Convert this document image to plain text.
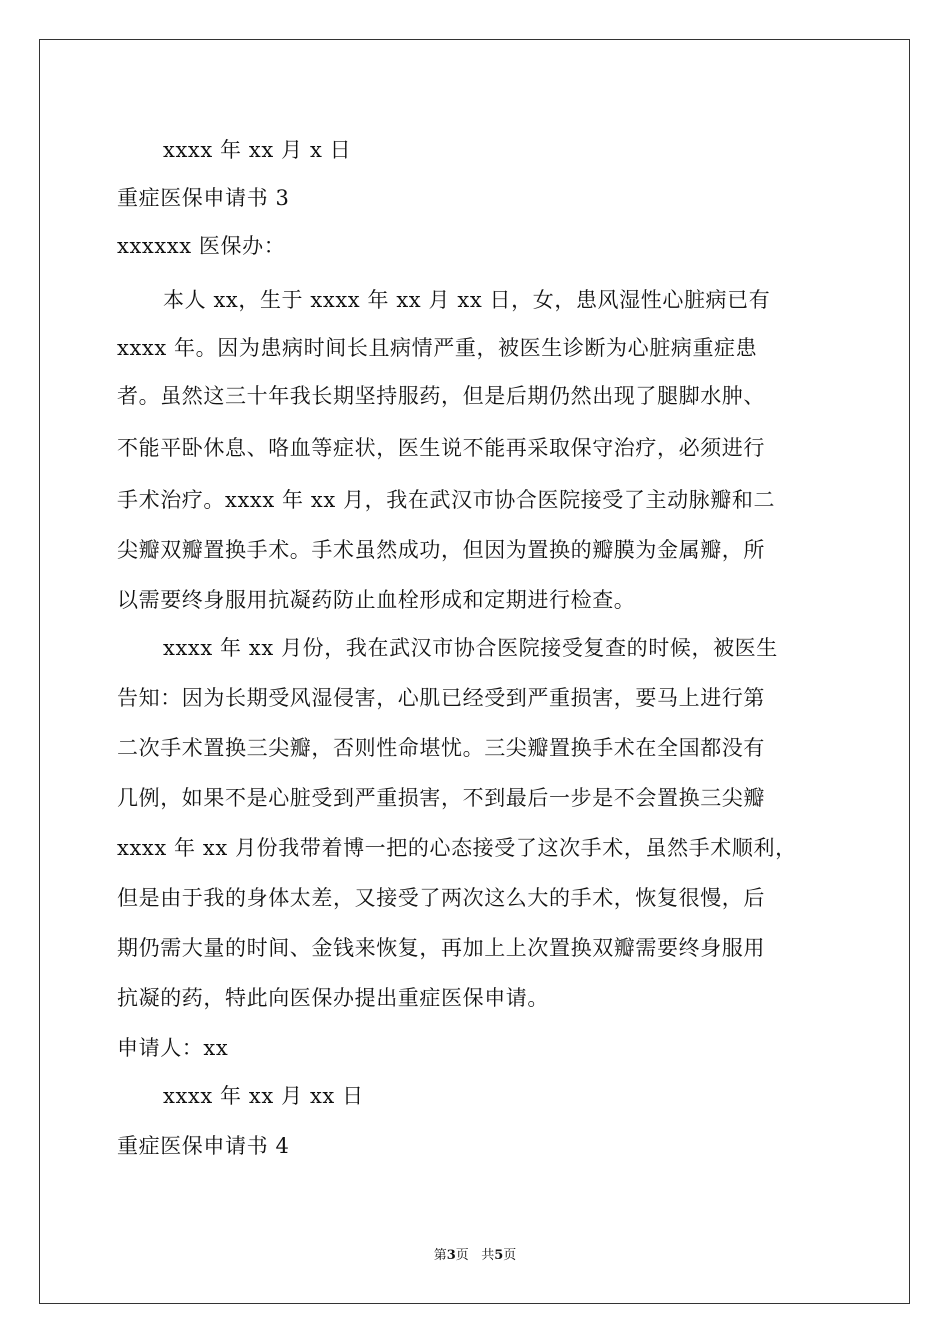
xxxx 年 xx 月 x 日
重症医保申请书 3
xxxxxx 医保办：
本人 xx，生于 xxxx 年 xx 月 xx 日，女，患风湿性心脏病已有
xxxx 年。因为患病时间长且病情严重，被医生诊断为心脏病重症患
者。虽然这三十年我长期坚持服药，但是后期仍然出现了腿脚水肿、
不能平卧休息、咯血等症状，医生说不能再采取保守治疗，必须进行
手术治疗。xxxx 年 xx 月，我在武汉市协合医院接受了主动脉瓣和二
尖瓣双瓣置换手术。手术虽然成功，但因为置换的瓣膜为金属瓣，所
以需要终身服用抗凝药防止血栓形成和定期进行检查。
xxxx 年 xx 月份，我在武汉市协合医院接受复查的时候，被医生
告知：因为长期受风湿侵害，心肌已经受到严重损害，要马上进行第
二次手术置换三尖瓣，否则性命堪忧。三尖瓣置换手术在全国都没有
几例，如果不是心脏受到严重损害，不到最后一步是不会置换三尖瓣
xxxx 年 xx 月份我带着博一把的心态接受了这次手术，虽然手术顺利，
但是由于我的身体太差，又接受了两次这么大的手术，恢复很慢，后
期仍需大量的时间、金钱来恢复，再加上上次置换双瓣需要终身服用
抗凝的药，特此向医保办提出重症医保申请。
申请人：xx
xxxx 年 xx 月 xx 日
重症医保申请书 4
第3页   共5页
